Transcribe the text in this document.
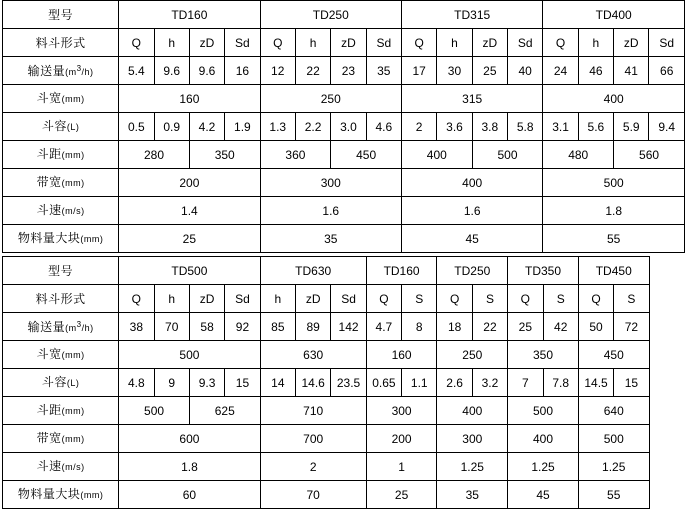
型号	TD160				TD250				TD315				TD400			
料斗形式	Q	h	zD	Sd	Q	h	zD	Sd	Q	h	zD	Sd	Q	h	zD	Sd
输送量(m3/h)	5.4	9.6	9.6	16	12	22	23	35	17	30	25	40	24	46	41	66
斗宽(mm)	160				250				315				400			
斗容(L)	0.5	0.9	4.2	1.9	1.3	2.2	3.0	4.6	2	3.6	3.8	5.8	3.1	5.6	5.9	9.4
斗距(mm)	280		350		360		450		400		500		480		560	
带宽(mm)	200				300				400				500			
斗速(m/s)	1.4				1.6				1.6				1.8			
物料量大块(mm)	25				35				45				55			
型号	TD500				TD630			TD160		TD250		TD350		TD450	
料斗形式	Q	h	zD	Sd	h	zD	Sd	Q	S	Q	S	Q	S	Q	S
输送量(m3/h)	38	70	58	92	85	89	142	4.7	8	18	22	25	42	50	72
斗宽(mm)	500				630			160		250		350		450	
斗容(L)	4.8	9	9.3	15	14	14.6	23.5	0.65	1.1	2.6	3.2	7	7.8	14.5	15
斗距(mm)	500		625		710			300		400		500		640	
带宽(mm)	600				700			200		300		400		500	
斗速(m/s)	1.8				2			1		1.25		1.25		1.25	
物料量大块(mm)	60				70			25		35		45		55	
